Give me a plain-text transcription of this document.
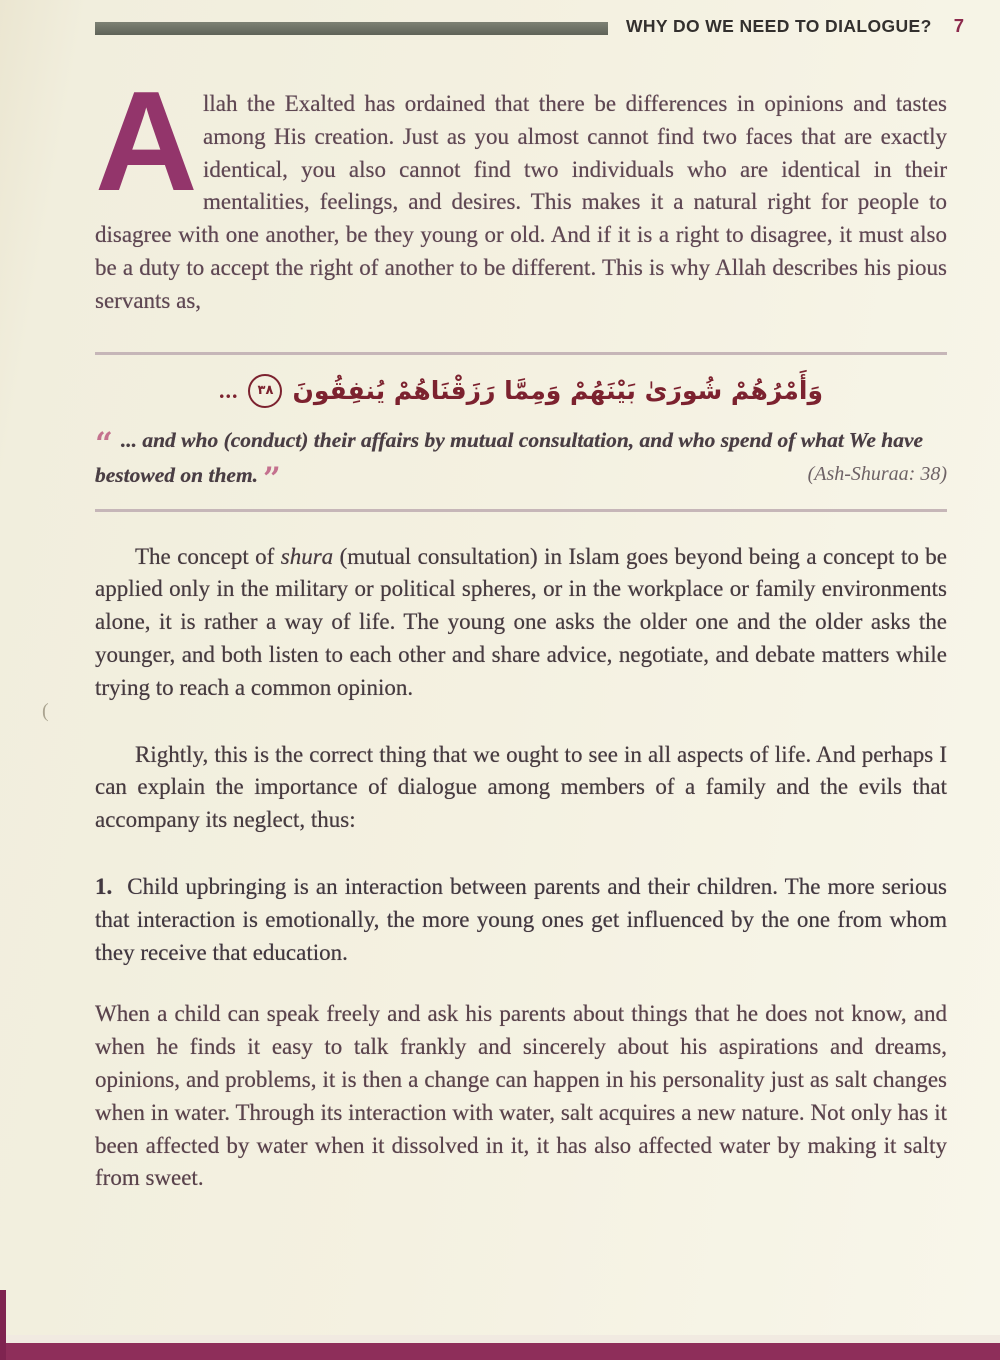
WHY DO WE NEED TO DIALOGUE? 7

Allah the Exalted has ordained that there be differences in opinions and tastes among His creation. Just as you almost cannot find two faces that are exactly identical, you also cannot find two individuals who are identical in their mentalities, feelings, and desires. This makes it a natural right for people to disagree with one another, be they young or old. And if it is a right to disagree, it must also be a duty to accept the right of another to be different. This is why Allah describes his pious servants as,

...	٣٨ وَأَمْرُهُمْ شُورَىٰ بَيْنَهُمْ وَمِمَّا رَزَقْنَاهُمْ يُنفِقُونَ
“ ... and who (conduct) their affairs by mutual consultation, and who spend of what We have bestowed on them. ”	(Ash-Shuraa: 38)

The concept of shura (mutual consultation) in Islam goes beyond being a concept to be applied only in the military or political spheres, or in the workplace or family environments alone, it is rather a way of life. The young one asks the older one and the older asks the younger, and both listen to each other and share advice, negotiate, and debate matters while trying to reach a common opinion.

Rightly, this is the correct thing that we ought to see in all aspects of life. And perhaps I can explain the importance of dialogue among members of a family and the evils that accompany its neglect, thus:

1. Child upbringing is an interaction between parents and their children. The more serious that interaction is emotionally, the more young ones get influenced by the one from whom they receive that education.

When a child can speak freely and ask his parents about things that he does not know, and when he finds it easy to talk frankly and sincerely about his aspirations and dreams, opinions, and problems, it is then a change can happen in his personality just as salt changes when in water. Through its interaction with water, salt acquires a new nature. Not only has it been affected by water when it dissolved in it, it has also affected water by making it salty from sweet.

(
